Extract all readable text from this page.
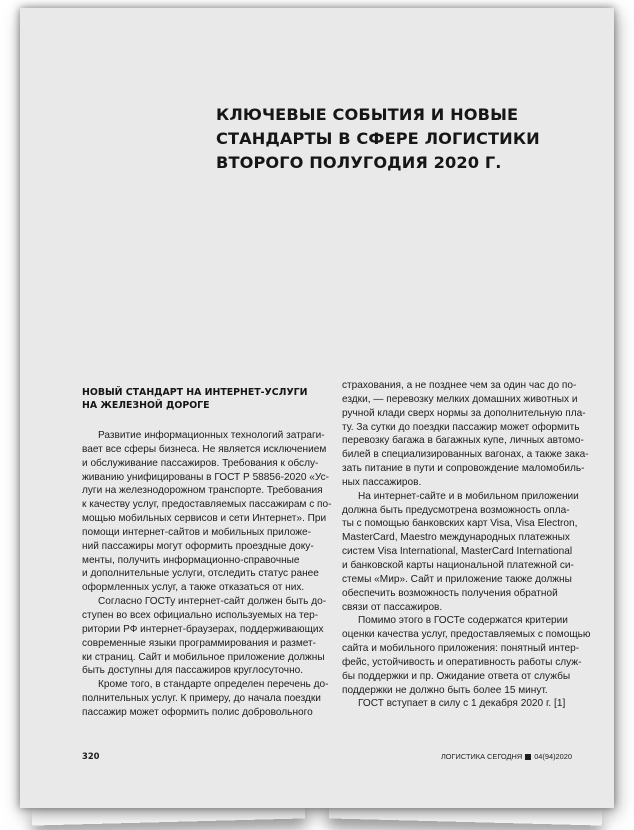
КЛЮЧЕВЫЕ СОБЫТИЯ И НОВЫЕ
СТАНДАРТЫ В СФЕРЕ ЛОГИСТИКИ
ВТОРОГО ПОЛУГОДИЯ 2020 Г.
НОВЫЙ СТАНДАРТ НА ИНТЕРНЕТ-УСЛУГИ
НА ЖЕЛЕЗНОЙ ДОРОГЕ

Развитие информационных технологий затраги-
вает все сферы бизнеса. Не является исключением
и обслуживание пассажиров. Требования к обслу-
живанию унифицированы в ГОСТ Р 58856-2020 «Ус-
луги на железнодорожном транспорте. Требования
к качеству услуг, предоставляемых пассажирам с по-
мощью мобильных сервисов и сети Интернет». При
помощи интернет-сайтов и мобильных приложе-
ний пассажиры могут оформить проездные доку-
менты, получить информационно-справочные
и дополнительные услуги, отследить статус ранее
оформленных услуг, а также отказаться от них.

Согласно ГОСТу интернет-сайт должен быть до-
ступен во всех официально используемых на тер-
ритории РФ интернет-браузерах, поддерживающих
современные языки программирования и размет-
ки страниц. Сайт и мобильное приложение должны
быть доступны для пассажиров круглосуточно.

Кроме того, в стандарте определен перечень до-
полнительных услуг. К примеру, до начала поездки
пассажир может оформить полис добровольного

страхования, а не позднее чем за один час до по-
ездки, — перевозку мелких домашних животных и
ручной клади сверх нормы за дополнительную пла-
ту. За сутки до поездки пассажир может оформить
перевозку багажа в багажных купе, личных автомо-
билей в специализированных вагонах, а также зака-
зать питание в пути и сопровождение маломобиль-
ных пассажиров.

На интернет-сайте и в мобильном приложении
должна быть предусмотрена возможность опла-
ты с помощью банковских карт Visa, Visa Electron,
MasterCard, Maestro международных платежных
систем Visa International, MasterCard International
и банковской карты национальной платежной си-
стемы «Мир». Сайт и приложение также должны
обеспечить возможность получения обратной
связи от пассажиров.

Помимо этого в ГОСТе содержатся критерии
оценки качества услуг, предоставляемых с помощью
сайта и мобильного приложения: понятный интер-
фейс, устойчивость и оперативность работы служ-
бы поддержки и пр. Ожидание ответа от службы
поддержки не должно быть более 15 минут.

ГОСТ вступает в силу с 1 декабря 2020 г. [1]

320	ЛОГИСТИКА СЕГОДНЯ 04(94)2020
